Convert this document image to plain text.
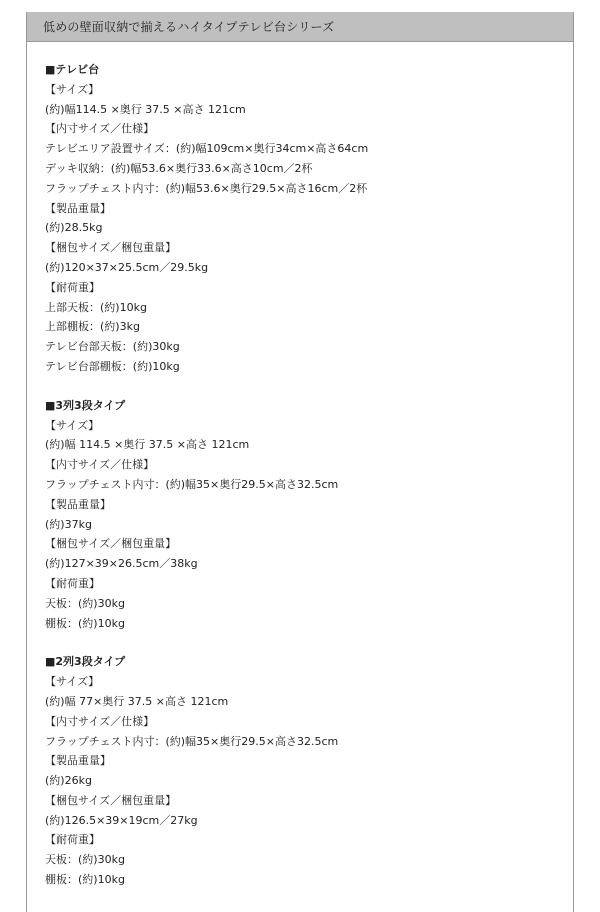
低めの壁面収納で揃えるハイタイプテレビ台シリーズ
■テレビ台
【サイズ】
(約)幅114.5 ×奥行 37.5 ×高さ 121cm
【内寸サイズ／仕様】
テレビエリア設置サイズ：(約)幅109cm×奥行34cm×高さ64cm
デッキ収納：(約)幅53.6×奥行33.6×高さ10cm／2杯
フラップチェスト内寸：(約)幅53.6×奥行29.5×高さ16cm／2杯
【製品重量】
(約)28.5kg
【梱包サイズ／梱包重量】
(約)120×37×25.5cm／29.5kg
【耐荷重】
上部天板：(約)10kg
上部棚板：(約)3kg
テレビ台部天板：(約)30kg
テレビ台部棚板：(約)10kg
■3列3段タイプ
【サイズ】
(約)幅 114.5 ×奥行 37.5 ×高さ 121cm
【内寸サイズ／仕様】
フラップチェスト内寸：(約)幅35×奥行29.5×高さ32.5cm
【製品重量】
(約)37kg
【梱包サイズ／梱包重量】
(約)127×39×26.5cm／38kg
【耐荷重】
天板：(約)30kg
棚板：(約)10kg
■2列3段タイプ
【サイズ】
(約)幅 77×奥行 37.5 ×高さ 121cm
【内寸サイズ／仕様】
フラップチェスト内寸：(約)幅35×奥行29.5×高さ32.5cm
【製品重量】
(約)26kg
【梱包サイズ／梱包重量】
(約)126.5×39×19cm／27kg
【耐荷重】
天板：(約)30kg
棚板：(約)10kg
